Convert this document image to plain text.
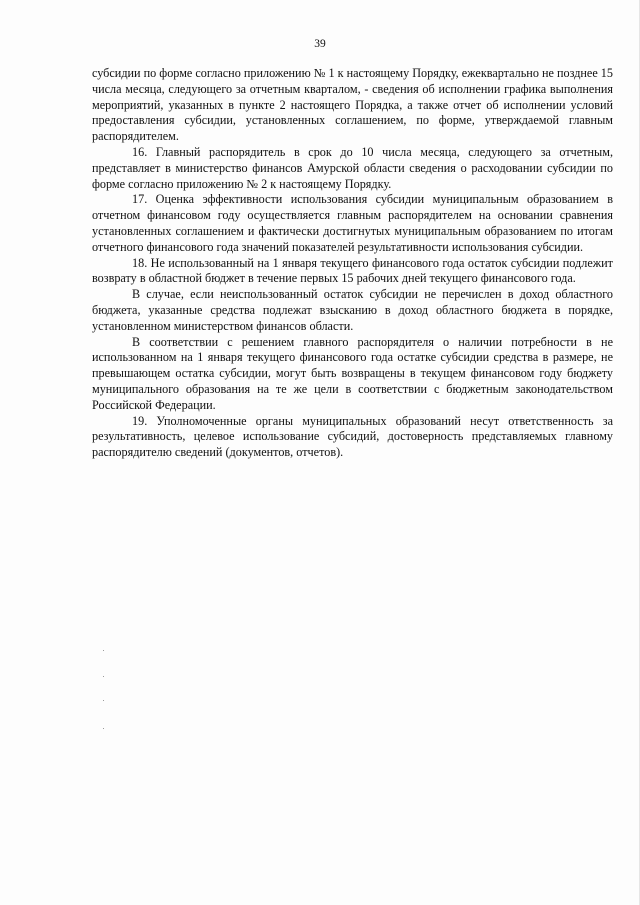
39

субсидии по форме согласно приложению № 1 к настоящему Порядку, ежеквартально не позднее 15 числа месяца, следующего за отчетным кварталом, - сведения об исполнении графика выполнения мероприятий, указанных в пункте 2 настоящего Порядка, а также отчет об исполнении условий предоставления субсидии, установленных соглашением, по форме, утверждаемой главным распорядителем.

16. Главный распорядитель в срок до 10 числа месяца, следующего за отчетным, представляет в министерство финансов Амурской области сведения о расходовании субсидии по форме согласно приложению № 2 к настоящему Порядку.

17. Оценка эффективности использования субсидии муниципальным образованием в отчетном финансовом году осуществляется главным распорядителем на основании сравнения установленных соглашением и фактически достигнутых муниципальным образованием по итогам отчетного финансового года значений показателей результативности использования субсидии.

18. Не использованный на 1 января текущего финансового года остаток субсидии подлежит возврату в областной бюджет в течение первых 15 рабочих дней текущего финансового года.

В случае, если неиспользованный остаток субсидии не перечислен в доход областного бюджета, указанные средства подлежат взысканию в доход областного бюджета в порядке, установленном министерством финансов области.

В соответствии с решением главного распорядителя о наличии потребности в не использованном на 1 января текущего финансового года остатке субсидии средства в размере, не превышающем остатка субсидии, могут быть возвращены в текущем финансовом году бюджету муниципального образования на те же цели в соответствии с бюджетным законодательством Российской Федерации.

19. Уполномоченные органы муниципальных образований несут ответственность за результативность, целевое использование субсидий, достоверность представляемых главному распорядителю сведений (документов, отчетов).
